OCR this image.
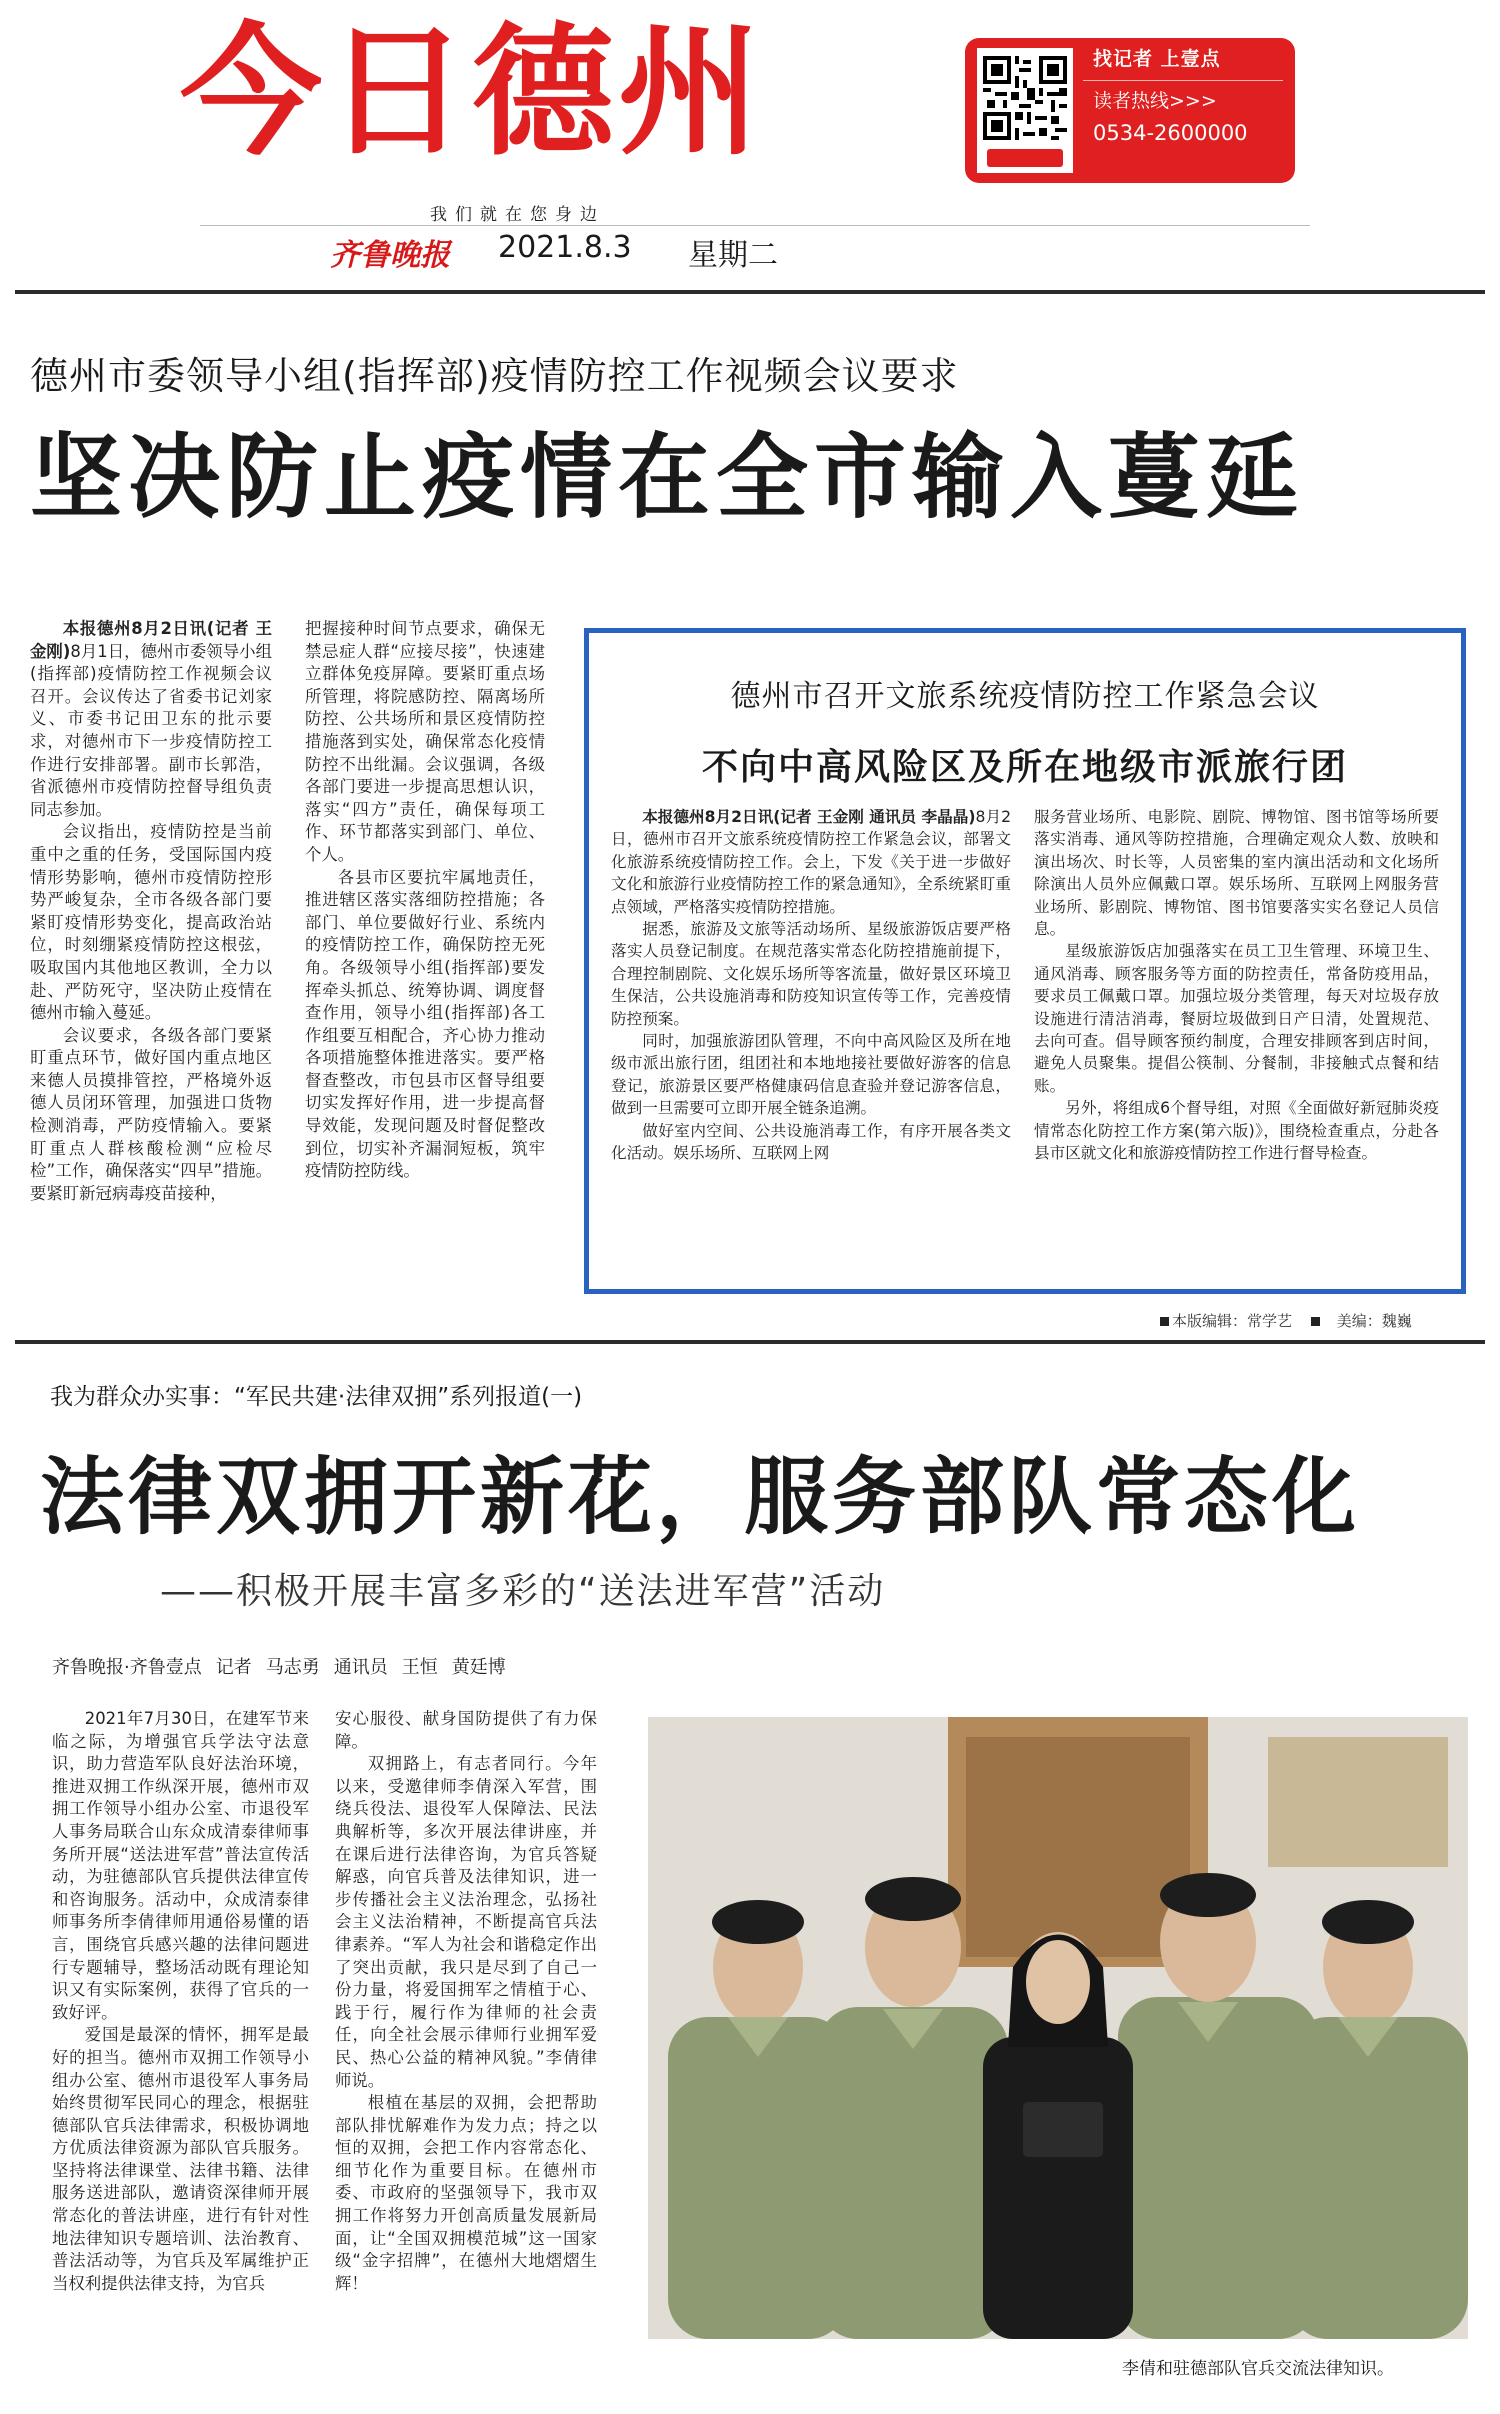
今日德州	找记者 上壹点
读者热线>>>
0534-2600000
我们就在您身边
齐鲁晚报 2021.8.3 星期二
德州市委领导小组(指挥部)疫情防控工作视频会议要求
坚决防止疫情在全市输入蔓延

本报德州8月2日讯(记者 王金刚)8月1日，德州市委领导小组(指挥部)疫情防控工作视频会议召开。会议传达了省委书记刘家义、市委书记田卫东的批示要求，对德州市下一步疫情防控工作进行安排部署。副市长郭浩，省派德州市疫情防控督导组负责同志参加。

会议指出，疫情防控是当前重中之重的任务，受国际国内疫情形势影响，德州市疫情防控形势严峻复杂，全市各级各部门要紧盯疫情形势变化，提高政治站位，时刻绷紧疫情防控这根弦，吸取国内其他地区教训，全力以赴、严防死守，坚决防止疫情在德州市输入蔓延。

会议要求，各级各部门要紧盯重点环节，做好国内重点地区来德人员摸排管控，严格境外返德人员闭环管理，加强进口货物检测消毒，严防疫情输入。要紧盯重点人群核酸检测“应检尽检”工作，确保落实“四早”措施。要紧盯新冠病毒疫苗接种，

把握接种时间节点要求，确保无禁忌症人群“应接尽接”，快速建立群体免疫屏障。要紧盯重点场所管理，将院感防控、隔离场所防控、公共场所和景区疫情防控措施落到实处，确保常态化疫情防控不出纰漏。会议强调，各级各部门要进一步提高思想认识，落实“四方”责任，确保每项工作、环节都落实到部门、单位、个人。

各县市区要抗牢属地责任，推进辖区落实落细防控措施；各部门、单位要做好行业、系统内的疫情防控工作，确保防控无死角。各级领导小组(指挥部)要发挥牵头抓总、统筹协调、调度督查作用，领导小组(指挥部)各工作组要互相配合，齐心协力推动各项措施整体推进落实。要严格督查整改，市包县市区督导组要切实发挥好作用，进一步提高督导效能，发现问题及时督促整改到位，切实补齐漏洞短板，筑牢疫情防控防线。

德州市召开文旅系统疫情防控工作紧急会议
不向中高风险区及所在地级市派旅行团

本报德州8月2日讯(记者 王金刚 通讯员 李晶晶)8月2日，德州市召开文旅系统疫情防控工作紧急会议，部署文化旅游系统疫情防控工作。会上，下发《关于进一步做好文化和旅游行业疫情防控工作的紧急通知》，全系统紧盯重点领域，严格落实疫情防控措施。

据悉，旅游及文旅等活动场所、星级旅游饭店要严格落实人员登记制度。在规范落实常态化防控措施前提下，合理控制剧院、文化娱乐场所等客流量，做好景区环境卫生保洁，公共设施消毒和防疫知识宣传等工作，完善疫情防控预案。

同时，加强旅游团队管理，不向中高风险区及所在地级市派出旅行团，组团社和本地地接社要做好游客的信息登记，旅游景区要严格健康码信息查验并登记游客信息，做到一旦需要可立即开展全链条追溯。

做好室内空间、公共设施消毒工作，有序开展各类文化活动。娱乐场所、互联网上网

服务营业场所、电影院、剧院、博物馆、图书馆等场所要落实消毒、通风等防控措施，合理确定观众人数、放映和演出场次、时长等，人员密集的室内演出活动和文化场所除演出人员外应佩戴口罩。娱乐场所、互联网上网服务营业场所、影剧院、博物馆、图书馆要落实实名登记人员信息。

星级旅游饭店加强落实在员工卫生管理、环境卫生、通风消毒、顾客服务等方面的防控责任，常备防疫用品，要求员工佩戴口罩。加强垃圾分类管理，每天对垃圾存放设施进行清洁消毒，餐厨垃圾做到日产日清，处置规范、去向可查。倡导顾客预约制度，合理安排顾客到店时间，避免人员聚集。提倡公筷制、分餐制，非接触式点餐和结账。

另外，将组成6个督导组，对照《全面做好新冠肺炎疫情常态化防控工作方案(第六版)》，围绕检查重点，分赴各县市区就文化和旅游疫情防控工作进行督导检查。

本版编辑：常学艺	美编：魏巍
我为群众办实事：“军民共建·法律双拥”系列报道(一)
法律双拥开新花，服务部队常态化
——积极开展丰富多彩的“送法进军营”活动
齐鲁晚报·齐鲁壹点 记者 马志勇 通讯员 王恒 黄廷博

2021年7月30日，在建军节来临之际，为增强官兵学法守法意识，助力营造军队良好法治环境，推进双拥工作纵深开展，德州市双拥工作领导小组办公室、市退役军人事务局联合山东众成清泰律师事务所开展“送法进军营”普法宣传活动，为驻德部队官兵提供法律宣传和咨询服务。活动中，众成清泰律师事务所李倩律师用通俗易懂的语言，围绕官兵感兴趣的法律问题进行专题辅导，整场活动既有理论知识又有实际案例，获得了官兵的一致好评。

爱国是最深的情怀，拥军是最好的担当。德州市双拥工作领导小组办公室、德州市退役军人事务局始终贯彻军民同心的理念，根据驻德部队官兵法律需求，积极协调地方优质法律资源为部队官兵服务。坚持将法律课堂、法律书籍、法律服务送进部队，邀请资深律师开展常态化的普法讲座，进行有针对性地法律知识专题培训、法治教育、普法活动等，为官兵及军属维护正当权利提供法律支持，为官兵

安心服役、献身国防提供了有力保障。

双拥路上，有志者同行。今年以来，受邀律师李倩深入军营，围绕兵役法、退役军人保障法、民法典解析等，多次开展法律讲座，并在课后进行法律咨询，为官兵答疑解惑，向官兵普及法律知识，进一步传播社会主义法治理念，弘扬社会主义法治精神，不断提高官兵法律素养。“军人为社会和谐稳定作出了突出贡献，我只是尽到了自己一份力量，将爱国拥军之情植于心、践于行，履行作为律师的社会责任，向全社会展示律师行业拥军爱民、热心公益的精神风貌。”李倩律师说。

根植在基层的双拥，会把帮助部队排忧解难作为发力点；持之以恒的双拥，会把工作内容常态化、细节化作为重要目标。在德州市委、市政府的坚强领导下，我市双拥工作将努力开创高质量发展新局面，让“全国双拥模范城”这一国家级“金字招牌”，在德州大地熠熠生辉！

李倩和驻德部队官兵交流法律知识。
